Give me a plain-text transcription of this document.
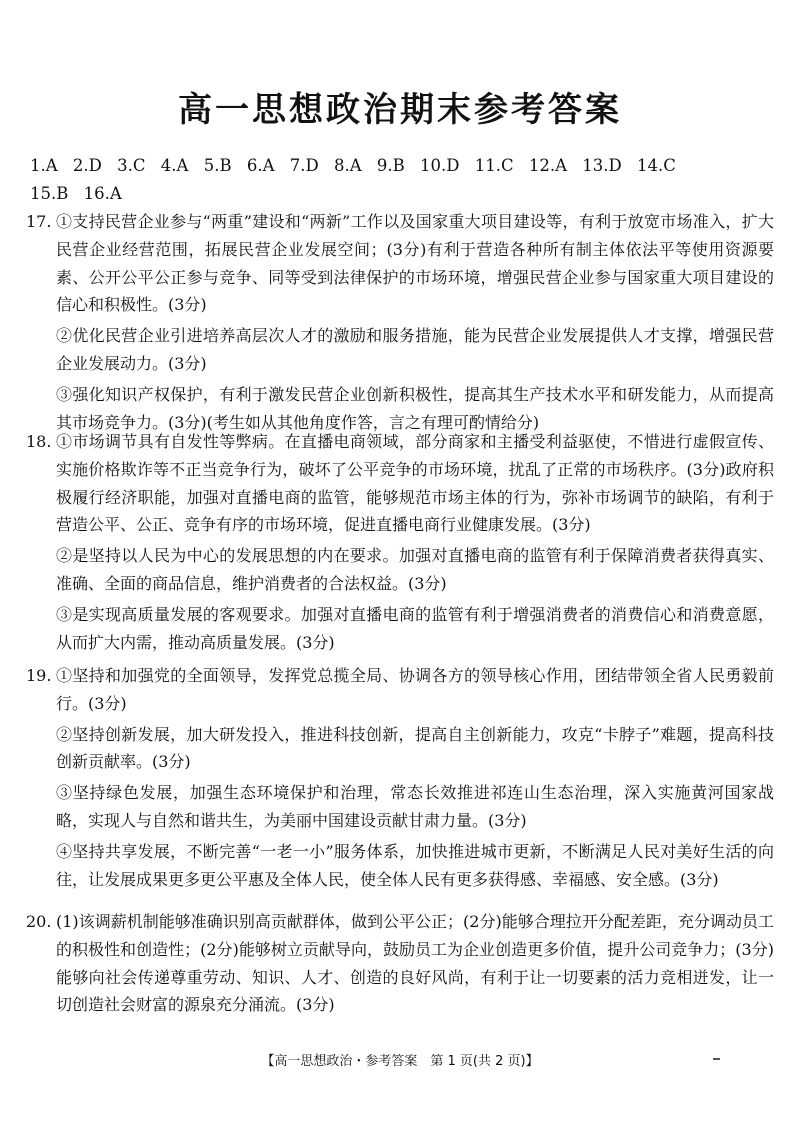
高一思想政治期末参考答案
1.A 2.D 3.C 4.A 5.B 6.A 7.D 8.A 9.B 10.D 11.C 12.A 13.D 14.C
15.B 16.A
17. ①支持民营企业参与“两重”建设和“两新”工作以及国家重大项目建设等，有利于放宽市场准入，扩大民营企业经营范围，拓展民营企业发展空间；(3分)有利于营造各种所有制主体依法平等使用资源要素、公开公平公正参与竞争、同等受到法律保护的市场环境，增强民营企业参与国家重大项目建设的信心和积极性。(3分)

②优化民营企业引进培养高层次人才的激励和服务措施，能为民营企业发展提供人才支撑，增强民营企业发展动力。(3分)

③强化知识产权保护，有利于激发民营企业创新积极性，提高其生产技术水平和研发能力，从而提高其市场竞争力。(3分)(考生如从其他角度作答，言之有理可酌情给分)

18. ①市场调节具有自发性等弊病。在直播电商领域，部分商家和主播受利益驱使，不惜进行虚假宣传、实施价格欺诈等不正当竞争行为，破坏了公平竞争的市场环境，扰乱了正常的市场秩序。(3分)政府积极履行经济职能，加强对直播电商的监管，能够规范市场主体的行为，弥补市场调节的缺陷，有利于营造公平、公正、竞争有序的市场环境，促进直播电商行业健康发展。(3分)

②是坚持以人民为中心的发展思想的内在要求。加强对直播电商的监管有利于保障消费者获得真实、准确、全面的商品信息，维护消费者的合法权益。(3分)

③是实现高质量发展的客观要求。加强对直播电商的监管有利于增强消费者的消费信心和消费意愿，从而扩大内需，推动高质量发展。(3分)

19. ①坚持和加强党的全面领导，发挥党总揽全局、协调各方的领导核心作用，团结带领全省人民勇毅前行。(3分)

②坚持创新发展，加大研发投入，推进科技创新，提高自主创新能力，攻克“卡脖子”难题，提高科技创新贡献率。(3分)

③坚持绿色发展，加强生态环境保护和治理，常态长效推进祁连山生态治理，深入实施黄河国家战略，实现人与自然和谐共生，为美丽中国建设贡献甘肃力量。(3分)

④坚持共享发展，不断完善“一老一小”服务体系，加快推进城市更新，不断满足人民对美好生活的向往，让发展成果更多更公平惠及全体人民，使全体人民有更多获得感、幸福感、安全感。(3分)

20. (1)该调薪机制能够准确识别高贡献群体，做到公平公正；(2分)能够合理拉开分配差距，充分调动员工的积极性和创造性；(2分)能够树立贡献导向，鼓励员工为企业创造更多价值，提升公司竞争力；(3分)能够向社会传递尊重劳动、知识、人才、创造的良好风尚，有利于让一切要素的活力竞相迸发，让一切创造社会财富的源泉充分涌流。(3分)

【高一思想政治・参考答案　第 1 页(共 2 页)】
